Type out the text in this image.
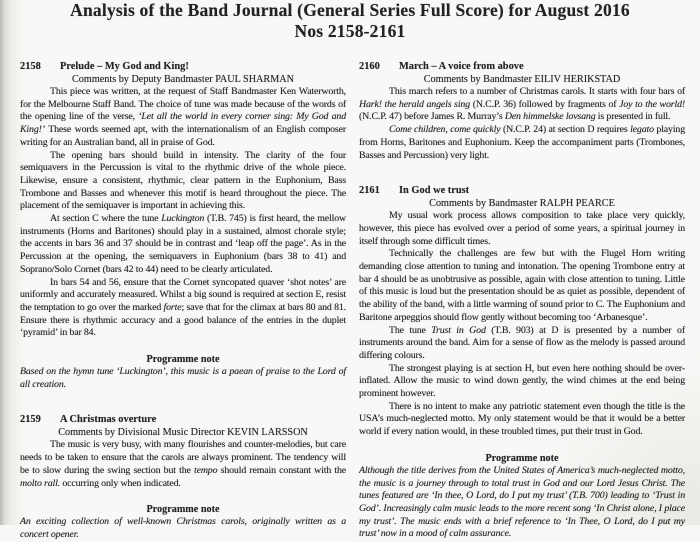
Analysis of the Band Journal (General Series Full Score) for August 2016
Nos 2158-2161
2158	Prelude – My God and King!
Comments by Deputy Bandmaster PAUL SHARMAN

This piece was written, at the request of Staff Bandmaster Ken Waterworth, for the Melbourne Staff Band. The choice of tune was made because of the words of the opening line of the verse, ‘Let all the world in every corner sing: My God and King!’ These words seemed apt, with the internationalism of an English composer writing for an Australian band, all in praise of God.

The opening bars should build in intensity. The clarity of the four semiquavers in the Percussion is vital to the rhythmic drive of the whole piece. Likewise, ensure a consistent, rhythmic, clear pattern in the Euphonium, Bass Trombone and Basses and whenever this motif is heard throughout the piece. The placement of the semiquaver is important in achieving this.

At section C where the tune Luckington (T.B. 745) is first heard, the mellow instruments (Horns and Baritones) should play in a sustained, almost chorale style; the accents in bars 36 and 37 should be in contrast and ‘leap off the page’. As in the Percussion at the opening, the semiquavers in Euphonium (bars 38 to 41) and Soprano/Solo Cornet (bars 42 to 44) need to be clearly articulated.

In bars 54 and 56, ensure that the Cornet syncopated quaver ‘shot notes’ are uniformly and accurately measured. Whilst a big sound is required at section E, resist the temptation to go over the marked forte; save that for the climax at bars 80 and 81. Ensure there is rhythmic accuracy and a good balance of the entries in the duplet ‘pyramid’ in bar 84.

Programme note
Based on the hymn tune ‘Luckington’, this music is a paean of praise to the Lord of all creation.
2159	A Christmas overture
Comments by Divisional Music Director KEVIN LARSSON

The music is very busy, with many flourishes and counter-melodies, but care needs to be taken to ensure that the carols are always prominent. The tendency will be to slow during the swing section but the tempo should remain constant with the molto rall. occurring only when indicated.

Programme note
An exciting collection of well-known Christmas carols, originally written as a concert opener.
2160	March – A voice from above
Comments by Bandmaster EILIV HERIKSTAD

This march refers to a number of Christmas carols. It starts with four bars of Hark! the herald angels sing (N.C.P. 36) followed by fragments of Joy to the world! (N.C.P. 47) before James R. Murray’s Den himmelske lovsang is presented in full.

Come children, come quickly (N.C.P. 24) at section D requires legato playing from Horns, Baritones and Euphonium. Keep the accompaniment parts (Trombones, Basses and Percussion) very light.

2161	In God we trust
Comments by Bandmaster RALPH PEARCE

My usual work process allows composition to take place very quickly, however, this piece has evolved over a period of some years, a spiritual journey in itself through some difficult times.

Technically the challenges are few but with the Flugel Horn writing demanding close attention to tuning and intonation. The opening Trombone entry at bar 4 should be as unobtrusive as possible, again with close attention to tuning. Little of this music is loud but the presentation should be as quiet as possible, dependent of the ability of the band, with a little warming of sound prior to C. The Euphonium and Baritone arpeggios should flow gently without becoming too ‘Arbanesque’.

The tune Trust in God (T.B. 903) at D is presented by a number of instruments around the band. Aim for a sense of flow as the melody is passed around differing colours.

The strongest playing is at section H, but even here nothing should be over-inflated. Allow the music to wind down gently, the wind chimes at the end being prominent however.

There is no intent to make any patriotic statement even though the title is the USA’s much-neglected motto. My only statement would be that it would be a better world if every nation would, in these troubled times, put their trust in God.

Programme note
Although the title derives from the United States of America’s much-neglected motto, the music is a journey through to total trust in God and our Lord Jesus Christ. The tunes featured are ‘In thee, O Lord, do I put my trust’ (T.B. 700) leading to ‘Trust in God’. Increasingly calm music leads to the more recent song ‘In Christ alone, I place my trust’. The music ends with a brief reference to ‘In Thee, O Lord, do I put my trust’ now in a mood of calm assurance.
